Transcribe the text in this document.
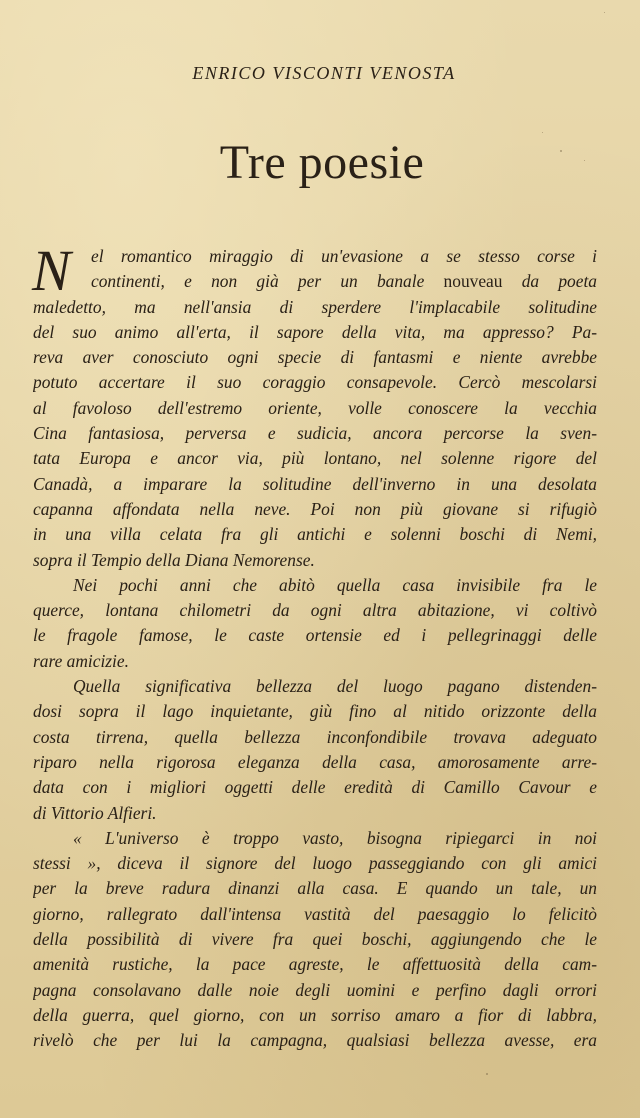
ENRICO VISCONTI VENOSTA
Tre poesie
N	el romantico miraggio di un'evasione a se stesso corse i
continenti, e non già per un banale nouveau da poeta
maledetto, ma nell'ansia di sperdere l'implacabile solitudine
del suo animo all'erta, il sapore della vita, ma appresso? Pa-
reva aver conosciuto ogni specie di fantasmi e niente avrebbe
potuto accertare il suo coraggio consapevole. Cercò mescolarsi
al favoloso dell'estremo oriente, volle conoscere la vecchia
Cina fantasiosa, perversa e sudicia, ancora percorse la sven-
tata Europa e ancor via, più lontano, nel solenne rigore del
Canadà, a imparare la solitudine dell'inverno in una desolata
capanna affondata nella neve. Poi non più giovane si rifugiò
in una villa celata fra gli antichi e solenni boschi di Nemi,
sopra il Tempio della Diana Nemorense.
Nei pochi anni che abitò quella casa invisibile fra le
querce, lontana chilometri da ogni altra abitazione, vi coltivò
le fragole famose, le caste ortensie ed i pellegrinaggi delle
rare amicizie.
Quella significativa bellezza del luogo pagano distenden-
dosi sopra il lago inquietante, giù fino al nitido orizzonte della
costa tirrena, quella bellezza inconfondibile trovava adeguato
riparo nella rigorosa eleganza della casa, amorosamente arre-
data con i migliori oggetti delle eredità di Camillo Cavour e
di Vittorio Alfieri.
« L'universo è troppo vasto, bisogna ripiegarci in noi
stessi », diceva il signore del luogo passeggiando con gli amici
per la breve radura dinanzi alla casa. E quando un tale, un
giorno, rallegrato dall'intensa vastità del paesaggio lo felicitò
della possibilità di vivere fra quei boschi, aggiungendo che le
amenità rustiche, la pace agreste, le affettuosità della cam-
pagna consolavano dalle noie degli uomini e perfino dagli orrori
della guerra, quel giorno, con un sorriso amaro a fior di labbra,
rivelò che per lui la campagna, qualsiasi bellezza avesse, era
